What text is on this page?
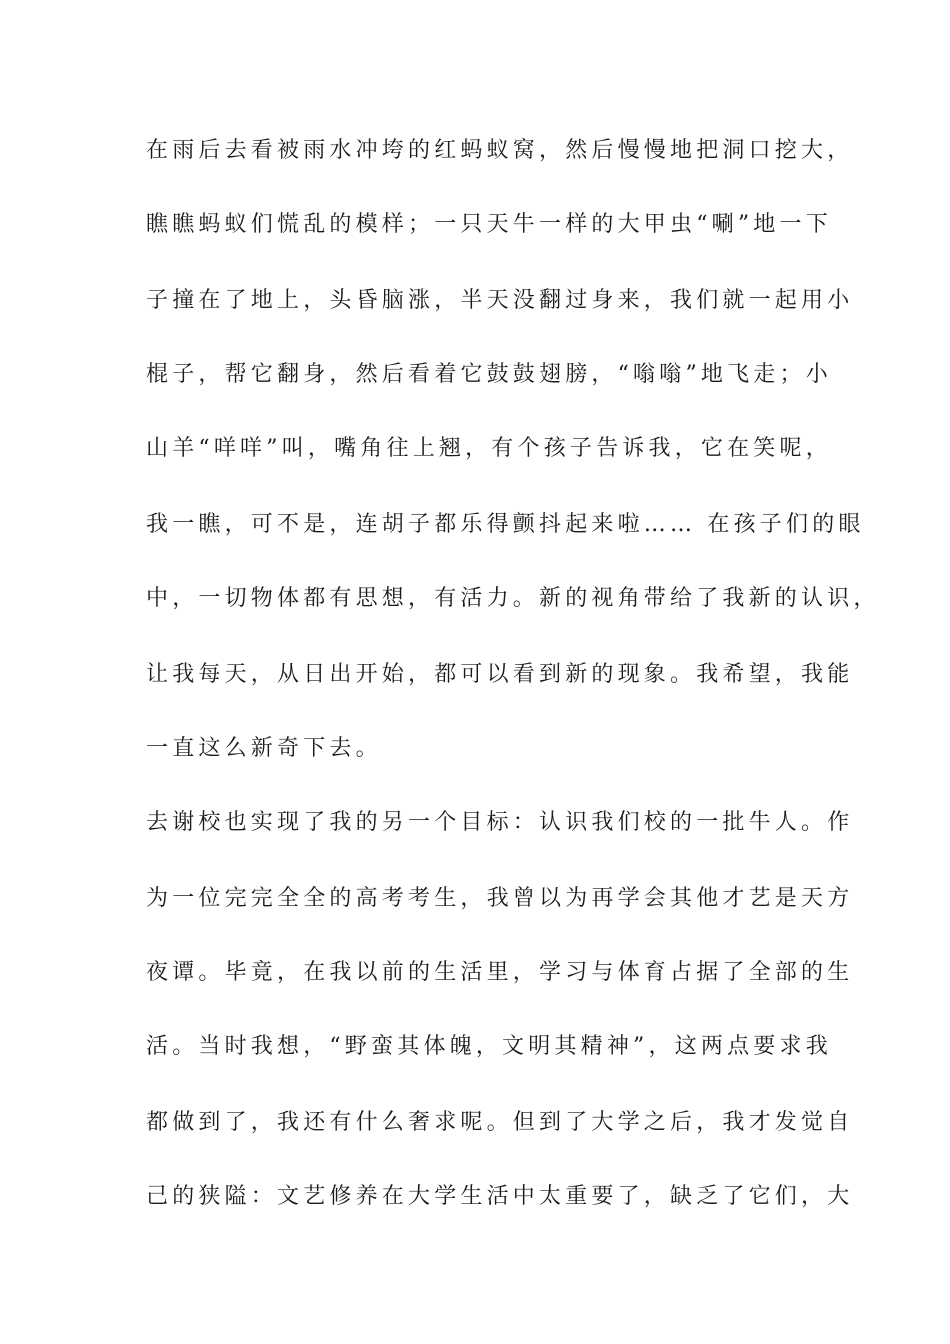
在雨后去看被雨水冲垮的红蚂蚁窝，然后慢慢地把洞口挖大，
瞧瞧蚂蚁们慌乱的模样；一只天牛一样的大甲虫“唰”地一下
子撞在了地上，头昏脑涨，半天没翻过身来，我们就一起用小
棍子，帮它翻身，然后看着它鼓鼓翅膀，“嗡嗡”地飞走；小
山羊“咩咩”叫，嘴角往上翘，有个孩子告诉我，它在笑呢，
我一瞧，可不是，连胡子都乐得颤抖起来啦…… 在孩子们的眼
中，一切物体都有思想，有活力。新的视角带给了我新的认识，
让我每天，从日出开始，都可以看到新的现象。我希望，我能
一直这么新奇下去。
去谢校也实现了我的另一个目标：认识我们校的一批牛人。作
为一位完完全全的高考考生，我曾以为再学会其他才艺是天方
夜谭。毕竟，在我以前的生活里，学习与体育占据了全部的生
活。当时我想，“野蛮其体魄，文明其精神”，这两点要求我
都做到了，我还有什么奢求呢。但到了大学之后，我才发觉自
己的狭隘：文艺修养在大学生活中太重要了，缺乏了它们，大
